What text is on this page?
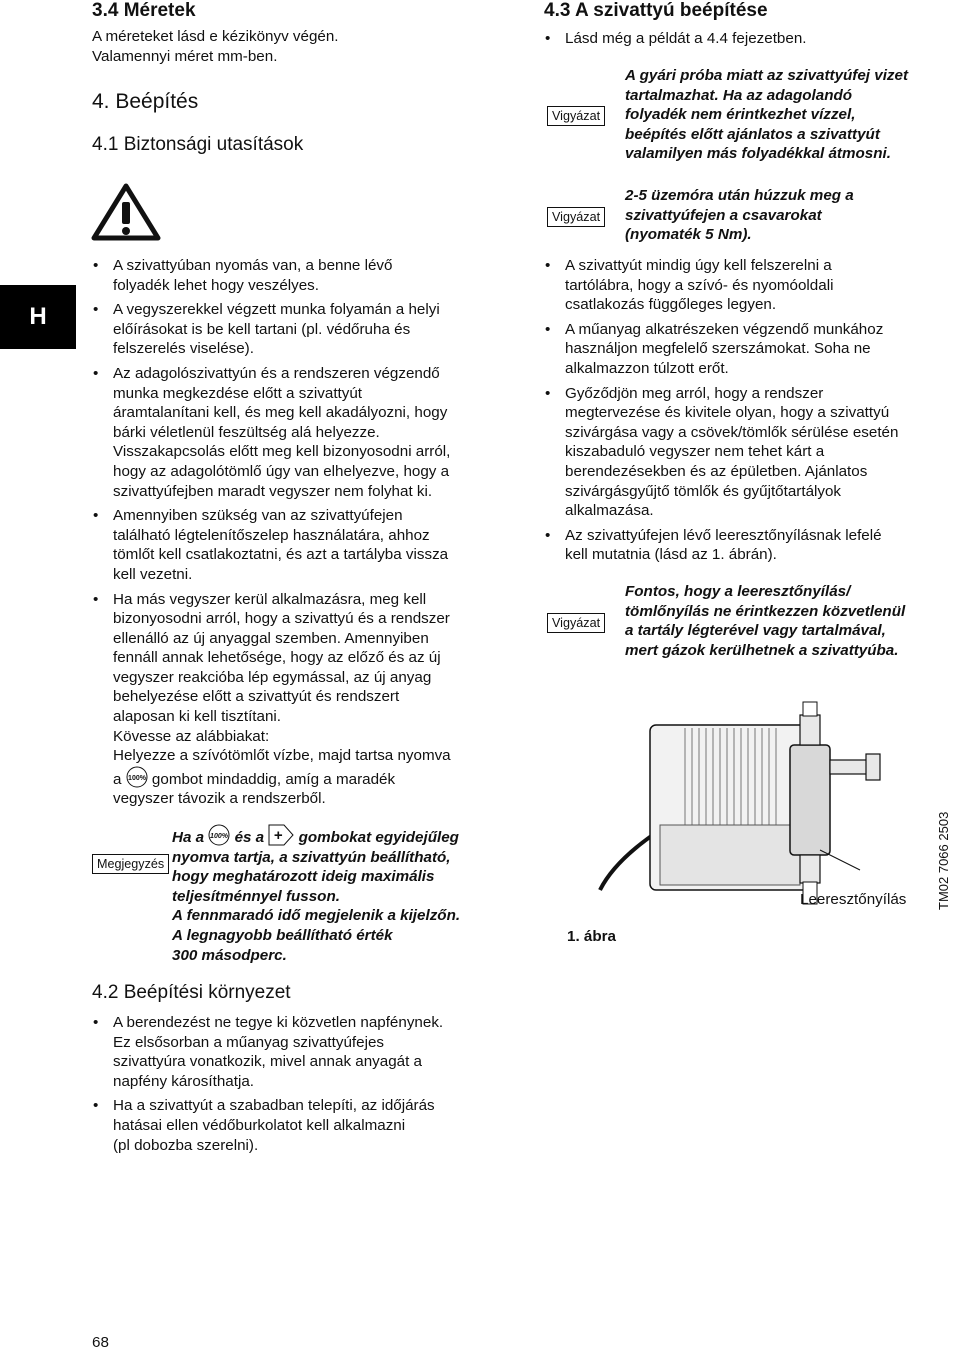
H
3.4 Méretek
A méreteket lásd e kézikönyv végén.
Valamennyi méret mm-ben.
4. Beépítés
4.1 Biztonsági utasítások
• A szivattyúban nyomás van, a benne lévő
folyadék lehet hogy veszélyes.
• A vegyszerekkel végzett munka folyamán a helyi
előírásokat is be kell tartani (pl. védőruha és
felszerelés viselése).
• Az adagolószivattyún és a rendszeren végzendő
munka megkezdése előtt a szivattyút
áramtalanítani kell, és meg kell akadályozni, hogy
bárki véletlenül feszültség alá helyezze.
Visszakapcsolás előtt meg kell bizonyosodni arról,
hogy az adagolótömlő úgy van elhelyezve, hogy a
szivattyúfejben maradt vegyszer nem folyhat ki.
• Amennyiben szükség van az szivattyúfejen
található légtelenítőszelep használatára, ahhoz
tömlőt kell csatlakoztatni, és azt a tartályba vissza
kell vezetni.
• Ha más vegyszer kerül alkalmazásra, meg kell
bizonyosodni arról, hogy a szivattyú és a rendszer
ellenálló az új anyaggal szemben. Amennyiben
fennáll annak lehetősége, hogy az előző és az új
vegyszer reakcióba lép egymással, az új anyag
behelyezése előtt a szivattyút és rendszert
alaposan ki kell tisztítani.
Kövesse az alábbiakat:
Helyezze a szívótömlőt vízbe, majd tartsa nyomva
a 100% gombot mindaddig, amíg a maradék
vegyszer távozik a rendszerből.
Megjegyzés
Ha a 100% és a + gombokat egyidejűleg
nyomva tartja, a szivattyún beállítható,
hogy meghatározott ideig maximális
teljesítménnyel fusson.
A fennmaradó idő megjelenik a kijelzőn.
A legnagyobb beállítható érték
300 másodperc.
4.2 Beépítési környezet
• A berendezést ne tegye ki közvetlen napfénynek.
Ez elsősorban a műanyag szivattyúfejes
szivattyúra vonatkozik, mivel annak anyagát a
napfény károsíthatja.
• Ha a szivattyút a szabadban telepíti, az időjárás
hatásai ellen védőburkolatot kell alkalmazni
(pl dobozba szerelni).
68
4.3 A szivattyú beépítése
• Lásd még a példát a 4.4 fejezetben.
Vigyázat
A gyári próba miatt az szivattyúfej vizet
tartalmazhat. Ha az adagolandó
folyadék nem érintkezhet vízzel,
beépítés előtt ajánlatos a szivattyút
valamilyen más folyadékkal átmosni.
Vigyázat
2-5 üzemóra után húzzuk meg a
szivattyúfejen a csavarokat
(nyomaték 5 Nm).
• A szivattyút mindig úgy kell felszerelni a
tartólábra, hogy a szívó- és nyomóoldali
csatlakozás függőleges legyen.
• A műanyag alkatrészeken végzendő munkához
használjon megfelelő szerszámokat. Soha ne
alkalmazzon túlzott erőt.
• Győződjön meg arról, hogy a rendszer
megtervezése és kivitele olyan, hogy a szivattyú
szivárgása vagy a csövek/tömlők sérülése esetén
kiszabaduló vegyszer nem tehet kárt a
berendezésekben és az épületben. Ajánlatos
szivárgásgyűjtő tömlők és gyűjtőtartályok
alkalmazása.
• Az szivattyúfejen lévő leeresztőnyílásnak lefelé
kell mutatnia (lásd az 1. ábrán).
Vigyázat
Fontos, hogy a leeresztőnyílás/
tömlőnyílás ne érintkezzen közvetlenül
a tartály légterével vagy tartalmával,
mert gázok kerülhetnek a szivattyúba.
1. ábra
Leeresztőnyílás TM02 7066 2503
